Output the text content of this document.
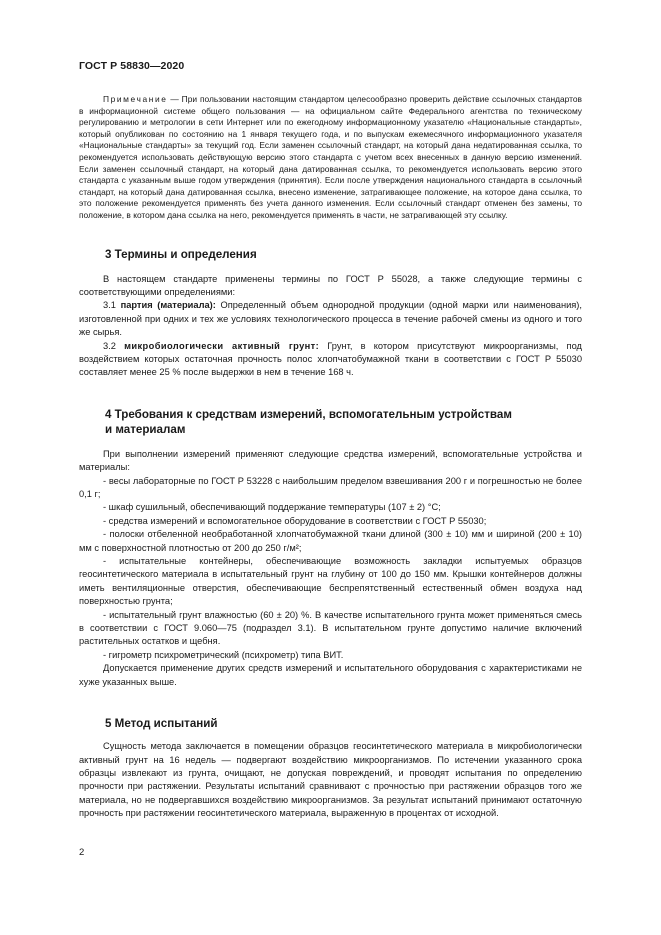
ГОСТ Р 58830—2020

Примечание — При пользовании настоящим стандартом целесообразно проверить действие ссылочных стандартов в информационной системе общего пользования — на официальном сайте Федерального агентства по техническому регулированию и метрологии в сети Интернет или по ежегодному информационному указателю «Национальные стандарты», который опубликован по состоянию на 1 января текущего года, и по выпускам ежемесячного информационного указателя «Национальные стандарты» за текущий год. Если заменен ссылочный стандарт, на который дана недатированная ссылка, то рекомендуется использовать действующую версию этого стандарта с учетом всех внесенных в данную версию изменений. Если заменен ссылочный стандарт, на который дана датированная ссылка, то рекомендуется использовать версию этого стандарта с указанным выше годом утверждения (принятия). Если после утверждения национального стандарта в ссылочный стандарт, на который дана датированная ссылка, внесено изменение, затрагивающее положение, на которое дана ссылка, то это положение рекомендуется применять без учета данного изменения. Если ссылочный стандарт отменен без замены, то положение, в котором дана ссылка на него, рекомендуется применять в части, не затрагивающей эту ссылку.

3 Термины и определения

В настоящем стандарте применены термины по ГОСТ Р 55028, а также следующие термины с соответствующими определениями:

3.1 партия (материала): Определенный объем однородной продукции (одной марки или наименования), изготовленной при одних и тех же условиях технологического процесса в течение рабочей смены из одного и того же сырья.

3.2 микробиологически активный грунт: Грунт, в котором присутствуют микроорганизмы, под воздействием которых остаточная прочность полос хлопчатобумажной ткани в соответствии с ГОСТ Р 55030 составляет менее 25 % после выдержки в нем в течение 168 ч.

4 Требования к средствам измерений, вспомогательным устройствам
и материалам

При выполнении измерений применяют следующие средства измерений, вспомогательные устройства и материалы:

- весы лабораторные по ГОСТ Р 53228 с наибольшим пределом взвешивания 200 г и погрешностью не более 0,1 г;

- шкаф сушильный, обеспечивающий поддержание температуры (107 ± 2) °С;

- средства измерений и вспомогательное оборудование в соответствии с ГОСТ Р 55030;

- полоски отбеленной необработанной хлопчатобумажной ткани длиной (300 ± 10) мм и шириной (200 ± 10) мм с поверхностной плотностью от 200 до 250 г/м²;

- испытательные контейнеры, обеспечивающие возможность закладки испытуемых образцов геосинтетического материала в испытательный грунт на глубину от 100 до 150 мм. Крышки контейнеров должны иметь вентиляционные отверстия, обеспечивающие беспрепятственный естественный обмен воздуха над поверхностью грунта;

- испытательный грунт влажностью (60 ± 20) %. В качестве испытательного грунта может применяться смесь в соответствии с ГОСТ 9.060—75 (подраздел 3.1). В испытательном грунте допустимо наличие включений растительных остатков и щебня.

- гигрометр психрометрический (психрометр) типа ВИТ.

Допускается применение других средств измерений и испытательного оборудования с характеристиками не хуже указанных выше.

5 Метод испытаний

Сущность метода заключается в помещении образцов геосинтетического материала в микробиологически активный грунт на 16 недель — подвергают воздействию микроорганизмов. По истечении указанного срока образцы извлекают из грунта, очищают, не допуская повреждений, и проводят испытания по определению прочности при растяжении. Результаты испытаний сравнивают с прочностью при растяжении образцов того же материала, но не подвергавшихся воздействию микроорганизмов. За результат испытаний принимают остаточную прочность при растяжении геосинтетического материала, выраженную в процентах от исходной.

2
